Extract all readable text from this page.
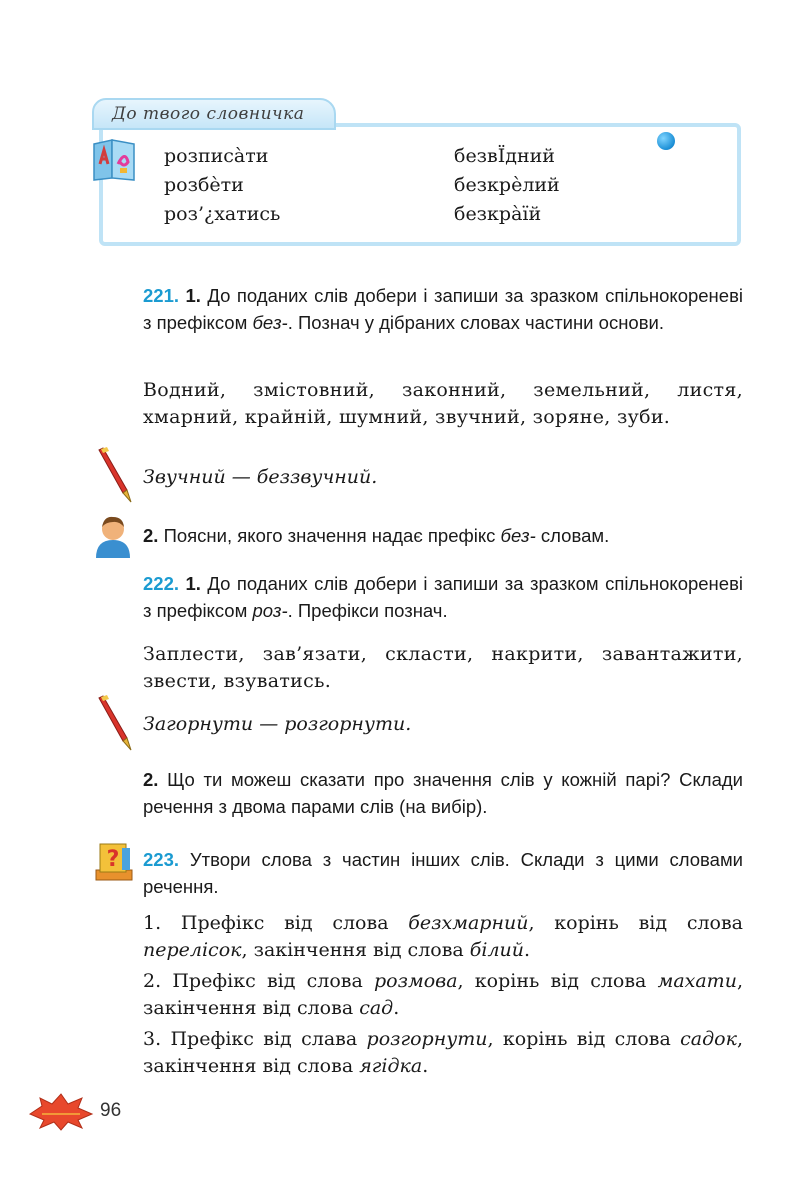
До твого словничка
розписа̀ти
розбѐти
роз’¿хатись
безвЇдний
безкрѐлий
безкра̀їй
221. 1. До поданих слів добери і запиши за зразком спільнокореневі з префіксом без-. Познач у дібраних словах частини основи.
Водний, змістовний, законний, земельний, листя, хмарний, крайній, шумний, звучний, зоряне, зуби.
Звучний — беззвучний.
2. Поясни, якого значення надає префікс без- словам.
222. 1. До поданих слів добери і запиши за зразком спільнокореневі з префіксом роз-. Префікси познач.
Заплести, зав’язати, скласти, накрити, завантажити, звести, взуватись.
Загорнути — розгорнути.
2. Що ти можеш сказати про значення слів у кожній парі? Склади речення з двома парами слів (на вибір).
? 223. Утвори слова з частин інших слів. Склади з цими словами речення.
1. Префікс від слова безхмарний, корінь від слова перелісок, закінчення від слова білий.
2. Префікс від слова розмова, корінь від слова махати, закінчення від слова сад.
3. Префікс від слава розгорнути, корінь від слова садок, закінчення від слова ягідка.
96
